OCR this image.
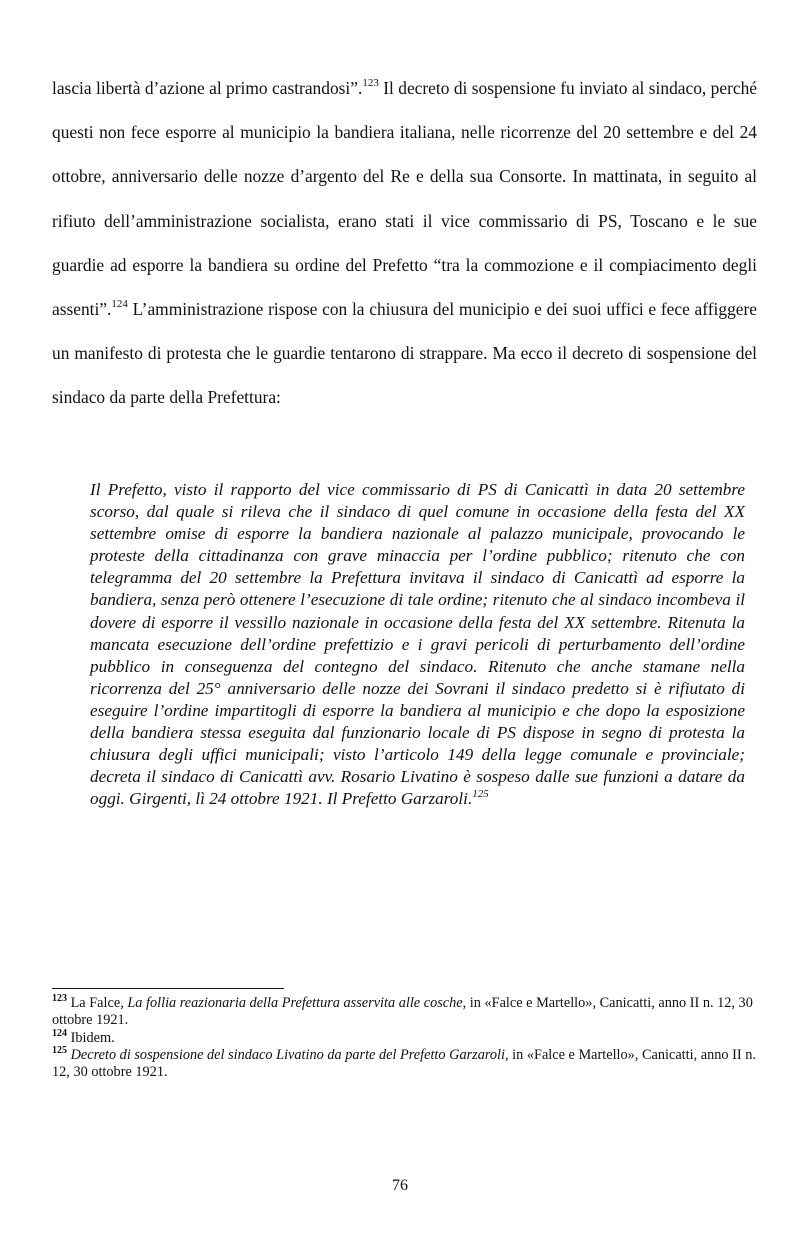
lascia libertà d’azione al primo castrandosi”.$^{123}$ Il decreto di sospensione fu inviato al sindaco, perché questi non fece esporre al municipio la bandiera italiana, nelle ricorrenze del 20 settembre e del 24 ottobre, anniversario delle nozze d’argento del Re e della sua Consorte. In mattinata, in seguito al rifiuto dell’amministrazione socialista, erano stati il vice commissario di PS, Toscano e le sue guardie ad esporre la bandiera su ordine del Prefetto “tra la commozione e il compiacimento degli assenti”.$^{124}$ L’amministrazione rispose con la chiusura del municipio e dei suoi uffici e fece affiggere un manifesto di protesta che le guardie tentarono di strappare. Ma ecco il decreto di sospensione del sindaco da parte della Prefettura:

Il Prefetto, visto il rapporto del vice commissario di PS di Canicattì in data 20 settembre scorso, dal quale si rileva che il sindaco di quel comune in occasione della festa del XX settembre omise di esporre la bandiera nazionale al palazzo municipale, provocando le proteste della cittadinanza con grave minaccia per l’ordine pubblico; ritenuto che con telegramma del 20 settembre la Prefettura invitava il sindaco di Canicattì ad esporre la bandiera, senza però ottenere l’esecuzione di tale ordine; ritenuto che al sindaco incombeva il dovere di esporre il vessillo nazionale in occasione della festa del XX settembre. Ritenuta la mancata esecuzione dell’ordine prefettizio e i gravi pericoli di perturbamento dell’ordine pubblico in conseguenza del contegno del sindaco. Ritenuto che anche stamane nella ricorrenza del 25° anniversario delle nozze dei Sovrani il sindaco predetto si è rifiutato di eseguire l’ordine impartitogli di esporre la bandiera al municipio e che dopo la esposizione della bandiera stessa eseguita dal funzionario locale di PS dispose in segno di protesta la chiusura degli uffici municipali; visto l’articolo 149 della legge comunale e provinciale; decreta il sindaco di Canicattì avv. Rosario Livatino è sospeso dalle sue funzioni a datare da oggi. Girgenti, lì 24 ottobre 1921. Il Prefetto Garzaroli.$^{125}$

$^{123}$ La Falce, La follia reazionaria della Prefettura asservita alle cosche, in «Falce e Martello», Canicatti, anno II n. 12, 30 ottobre 1921.

$^{124}$ Ibidem.

$^{125}$ Decreto di sospensione del sindaco Livatino da parte del Prefetto Garzaroli, in «Falce e Martello», Canicatti, anno II n. 12, 30 ottobre 1921.

76
